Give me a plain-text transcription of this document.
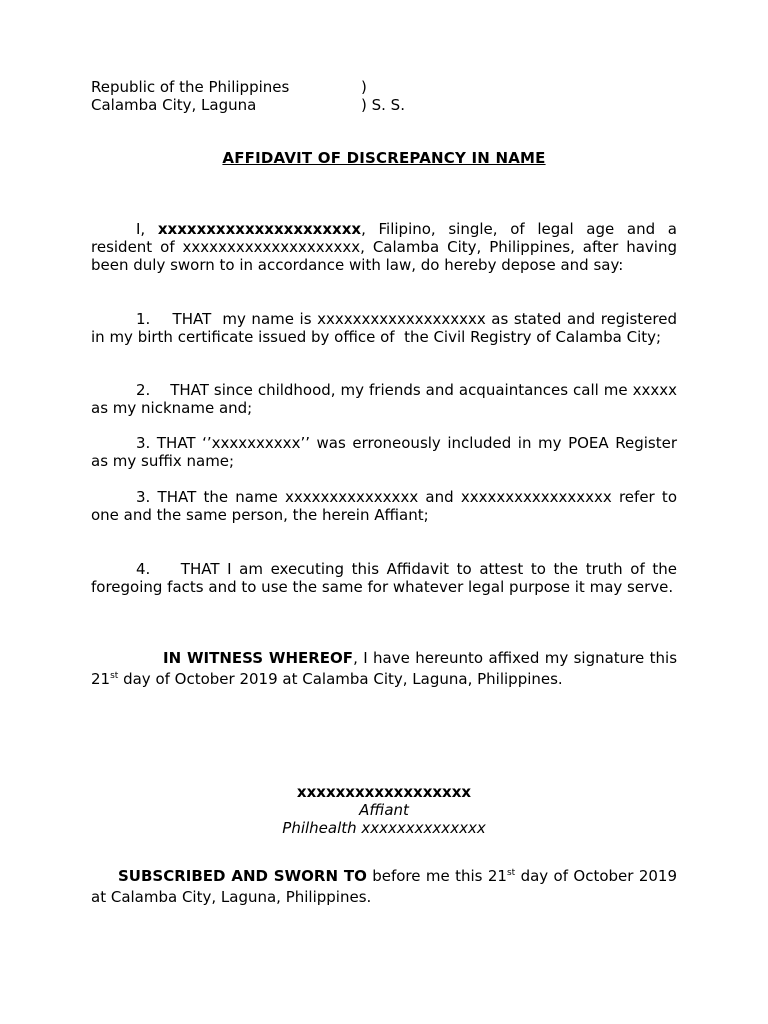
Republic of the Philippines	)
Calamba City, Laguna	) S. S.
AFFIDAVIT OF DISCREPANCY IN NAME
I, xxxxxxxxxxxxxxxxxxxxx, Filipino, single, of legal age and a resident of xxxxxxxxxxxxxxxxxxxx, Calamba City, Philippines, after having been duly sworn to in accordance with law, do hereby depose and say:
1.    THAT  my name is xxxxxxxxxxxxxxxxxxx as stated and registered in my birth certificate issued by office of  the Civil Registry of Calamba City;
2.    THAT since childhood, my friends and acquaintances call me xxxxx as my nickname and;
3. THAT ‘’xxxxxxxxxx’’ was erroneously included in my POEA Register as my suffix name;
3. THAT the name xxxxxxxxxxxxxxx and xxxxxxxxxxxxxxxxx refer to one and the same person, the herein Affiant;
4.    THAT I am executing this Affidavit to attest to the truth of the foregoing facts and to use the same for whatever legal purpose it may serve.
IN WITNESS WHEREOF, I have hereunto affixed my signature this 21st day of October 2019 at Calamba City, Laguna, Philippines.
xxxxxxxxxxxxxxxxxx
Affiant
Philhealth xxxxxxxxxxxxxx
SUBSCRIBED AND SWORN TO before me this 21st day of October 2019 at Calamba City, Laguna, Philippines.
